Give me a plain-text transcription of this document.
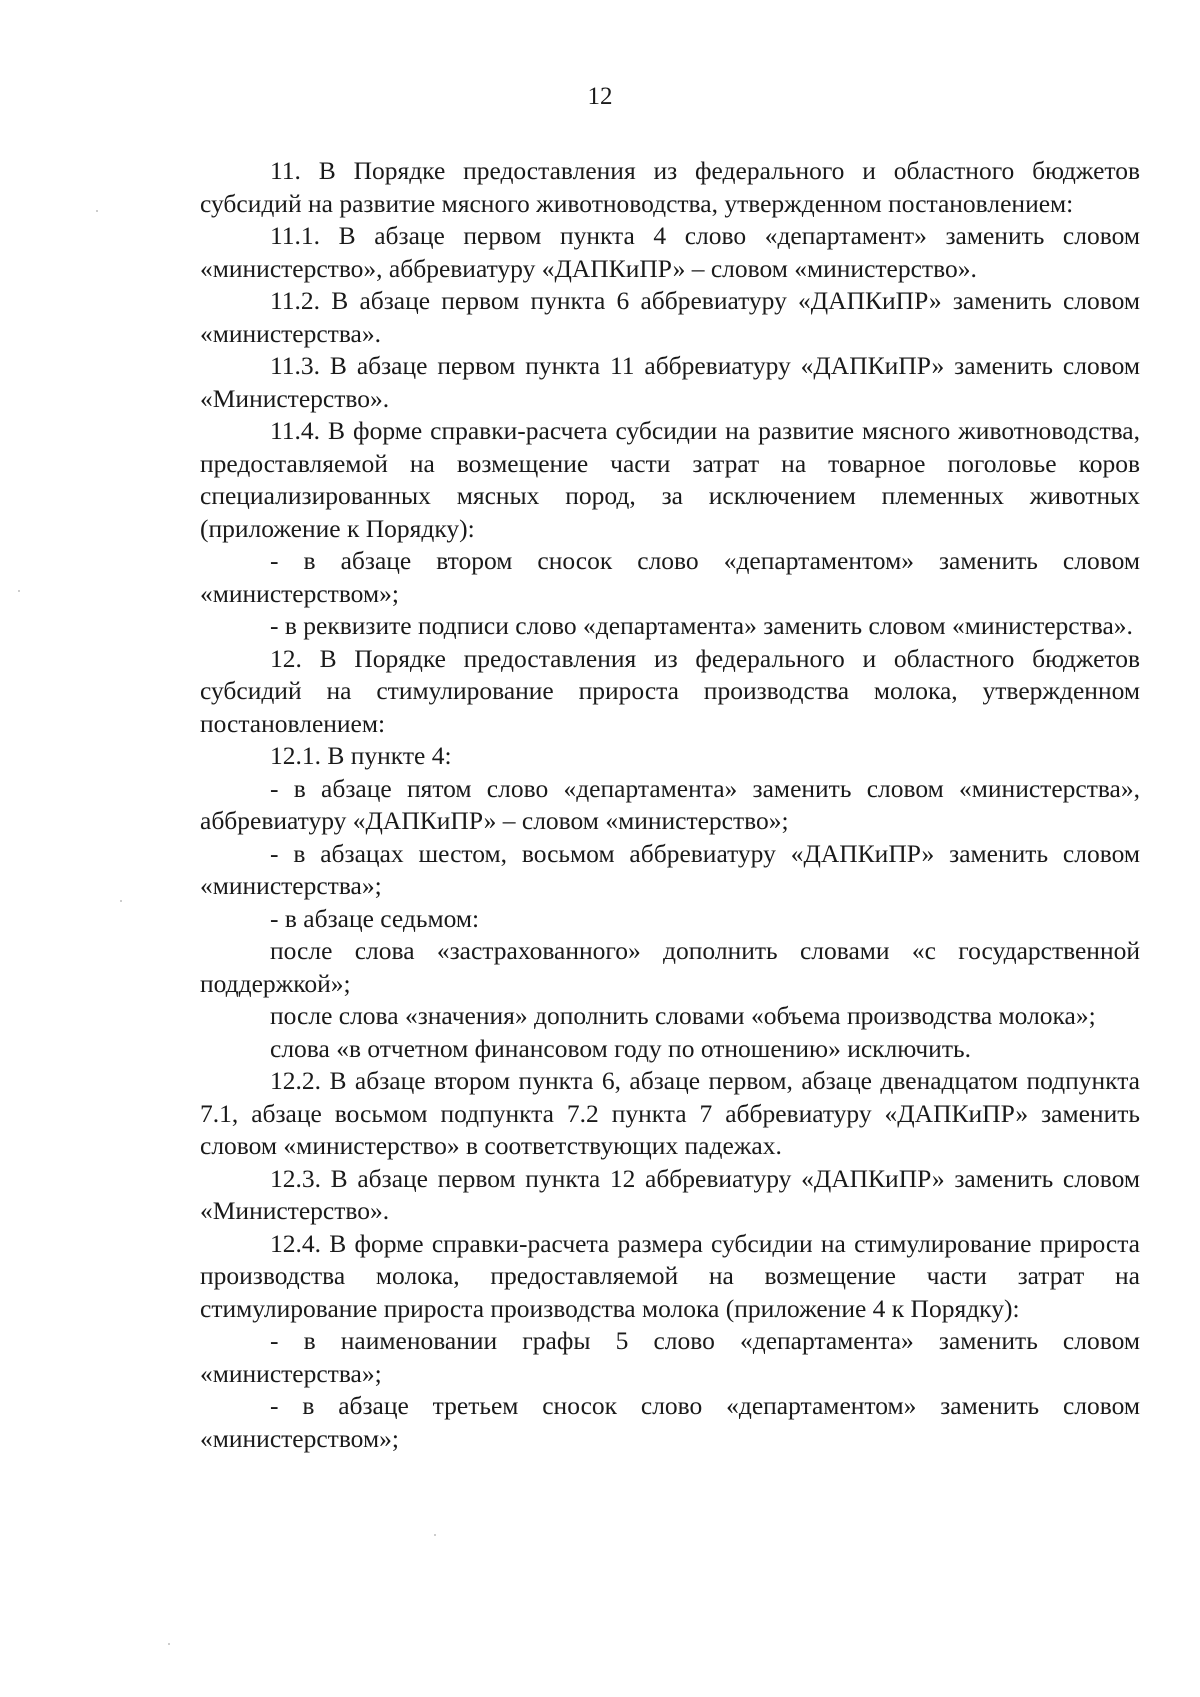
12

11. В Порядке предоставления из федерального и областного бюджетов субсидий на развитие мясного животноводства, утвержденном постановлением:

11.1. В абзаце первом пункта 4 слово «департамент» заменить словом «министерство», аббревиатуру «ДАПКиПР» – словом «министерство».

11.2. В абзаце первом пункта 6 аббревиатуру «ДАПКиПР» заменить словом «министерства».

11.3. В абзаце первом пункта 11 аббревиатуру «ДАПКиПР» заменить словом «Министерство».

11.4. В форме справки-расчета субсидии на развитие мясного животноводства, предоставляемой на возмещение части затрат на товарное поголовье коров специализированных мясных пород, за исключением племенных животных (приложение к Порядку):

- в абзаце втором сносок слово «департаментом» заменить словом «министерством»;

- в реквизите подписи слово «департамента» заменить словом «министерства».

12. В Порядке предоставления из федерального и областного бюджетов субсидий на стимулирование прироста производства молока, утвержденном постановлением:

12.1. В пункте 4:

- в абзаце пятом слово «департамента» заменить словом «министерства», аббревиатуру «ДАПКиПР» – словом «министерство»;

- в абзацах шестом, восьмом аббревиатуру «ДАПКиПР» заменить словом «министерства»;

- в абзаце седьмом:

после слова «застрахованного» дополнить словами «с государственной поддержкой»;

после слова «значения» дополнить словами «объема производства молока»;

слова «в отчетном финансовом году по отношению» исключить.

12.2. В абзаце втором пункта 6, абзаце первом, абзаце двенадцатом подпункта 7.1, абзаце восьмом подпункта 7.2 пункта 7 аббревиатуру «ДАПКиПР» заменить словом «министерство» в соответствующих падежах.

12.3. В абзаце первом пункта 12 аббревиатуру «ДАПКиПР» заменить словом «Министерство».

12.4. В форме справки-расчета размера субсидии на стимулирование прироста производства молока, предоставляемой на возмещение части затрат на стимулирование прироста производства молока (приложение 4 к Порядку):

- в наименовании графы 5 слово «департамента» заменить словом «министерства»;

- в абзаце третьем сносок слово «департаментом» заменить словом «министерством»;
